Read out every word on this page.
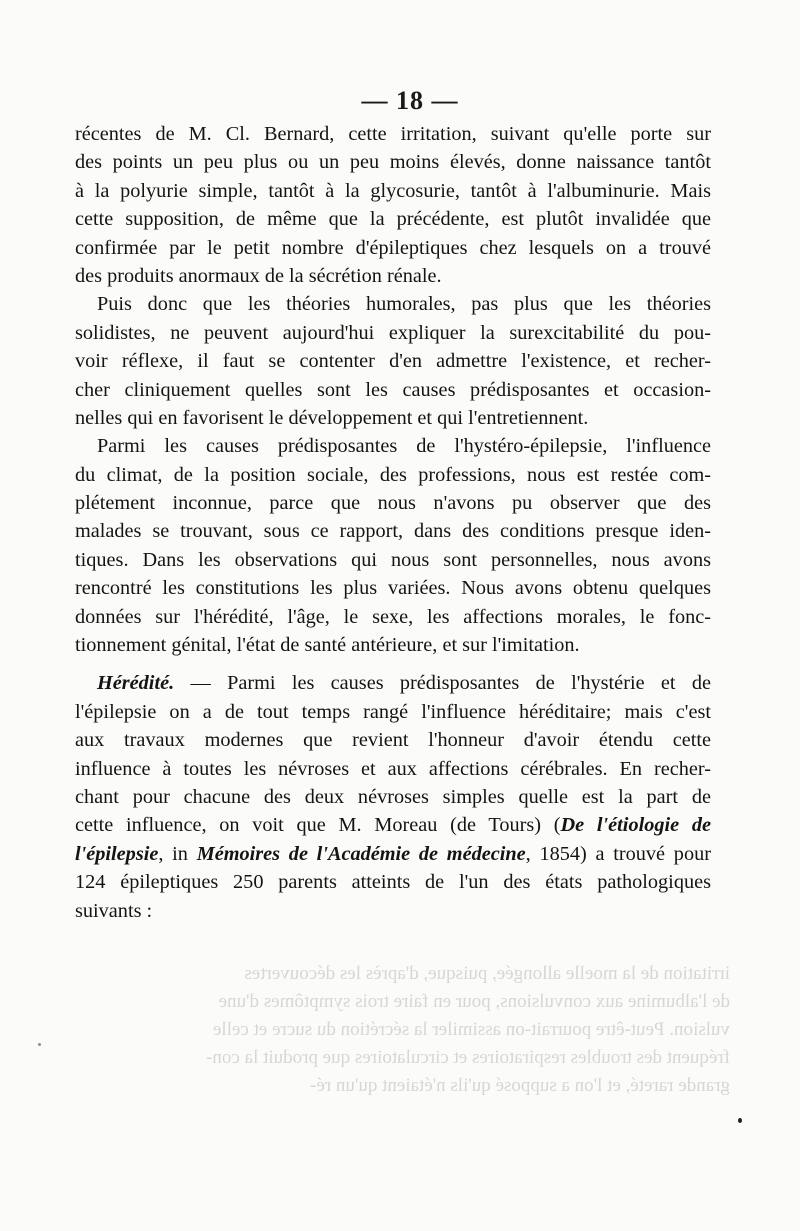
— 18 —

récentes de M. Cl. Bernard, cette irritation, suivant qu'elle porte sur
des points un peu plus ou un peu moins élevés, donne naissance tantôt
à la polyurie simple, tantôt à la glycosurie, tantôt à l'albuminurie. Mais
cette supposition, de même que la précédente, est plutôt invalidée que
confirmée par le petit nombre d'épileptiques chez lesquels on a trouvé
des produits anormaux de la sécrétion rénale.

Puis donc que les théories humorales, pas plus que les théories
solidistes, ne peuvent aujourd'hui expliquer la surexcitabilité du pou-
voir réflexe, il faut se contenter d'en admettre l'existence, et recher-
cher cliniquement quelles sont les causes prédisposantes et occasion-
nelles qui en favorisent le développement et qui l'entretiennent.

Parmi les causes prédisposantes de l'hystéro-épilepsie, l'influence
du climat, de la position sociale, des professions, nous est restée com-
plétement inconnue, parce que nous n'avons pu observer que des
malades se trouvant, sous ce rapport, dans des conditions presque iden-
tiques. Dans les observations qui nous sont personnelles, nous avons
rencontré les constitutions les plus variées. Nous avons obtenu quelques
données sur l'hérédité, l'âge, le sexe, les affections morales, le fonc-
tionnement génital, l'état de santé antérieure, et sur l'imitation.

Hérédité. — Parmi les causes prédisposantes de l'hystérie et de
l'épilepsie on a de tout temps rangé l'influence héréditaire; mais c'est
aux travaux modernes que revient l'honneur d'avoir étendu cette
influence à toutes les névroses et aux affections cérébrales. En recher-
chant pour chacune des deux névroses simples quelle est la part de
cette influence, on voit que M. Moreau (de Tours) (De l'étiologie de
l'épilepsie, in Mémoires de l'Académie de médecine, 1854) a trouvé pour
124 épileptiques 250 parents atteints de l'un des états pathologiques
suivants :

irritation de la moelle allongée, puisque, d'après les découvertes
de l'albumine aux convulsions, pour en faire trois symptômes d'une
vulsion. Peut-être pourrait-on assimiler la sécrétion du sucre et celle
fréquent des troubles respiratoires et circulatoires que produit la con-
grande rareté, et l'on a supposé qu'ils n'étaient qu'un ré-
